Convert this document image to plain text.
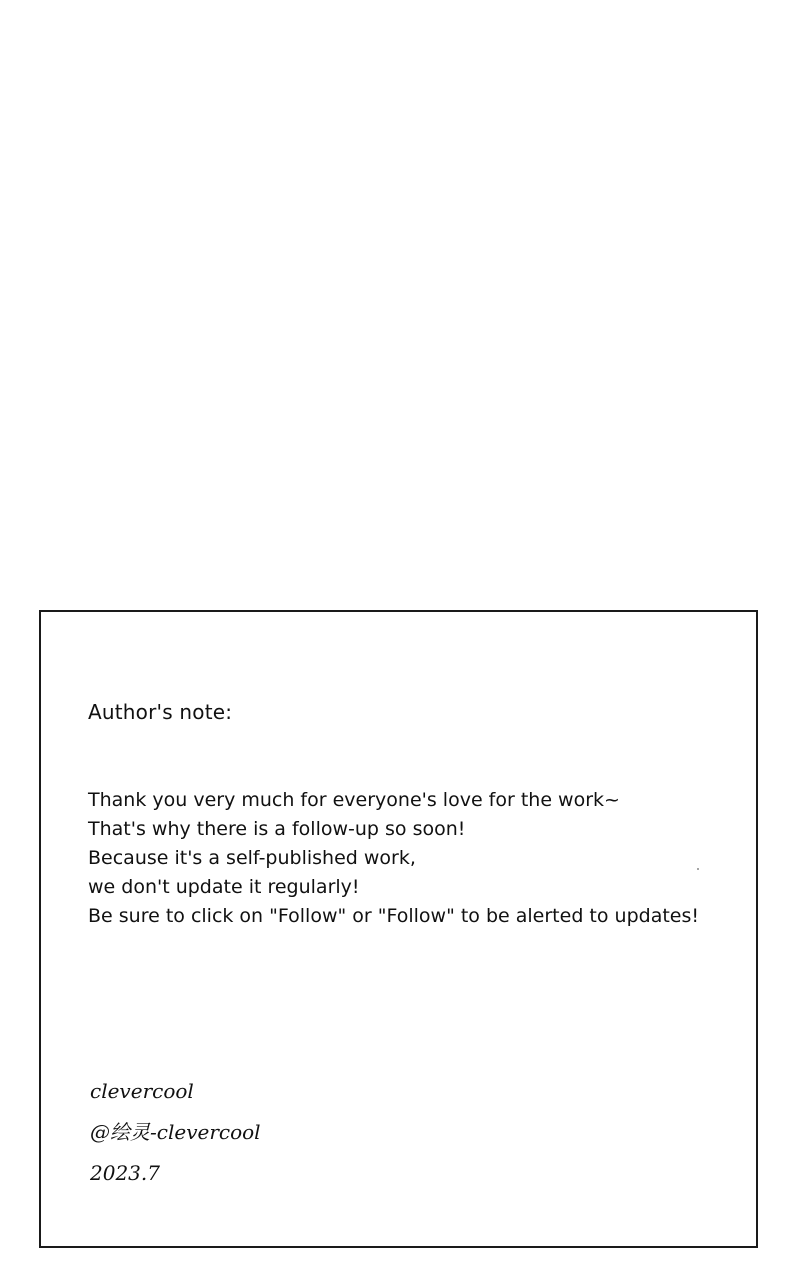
Author's note:
Thank you very much for everyone's love for the work~
That's why there is a follow-up so soon!
Because it's a self-published work,
we don't update it regularly!
Be sure to click on "Follow" or "Follow" to be alerted to updates!
clevercool
@绘灵-clevercool
2023.7
